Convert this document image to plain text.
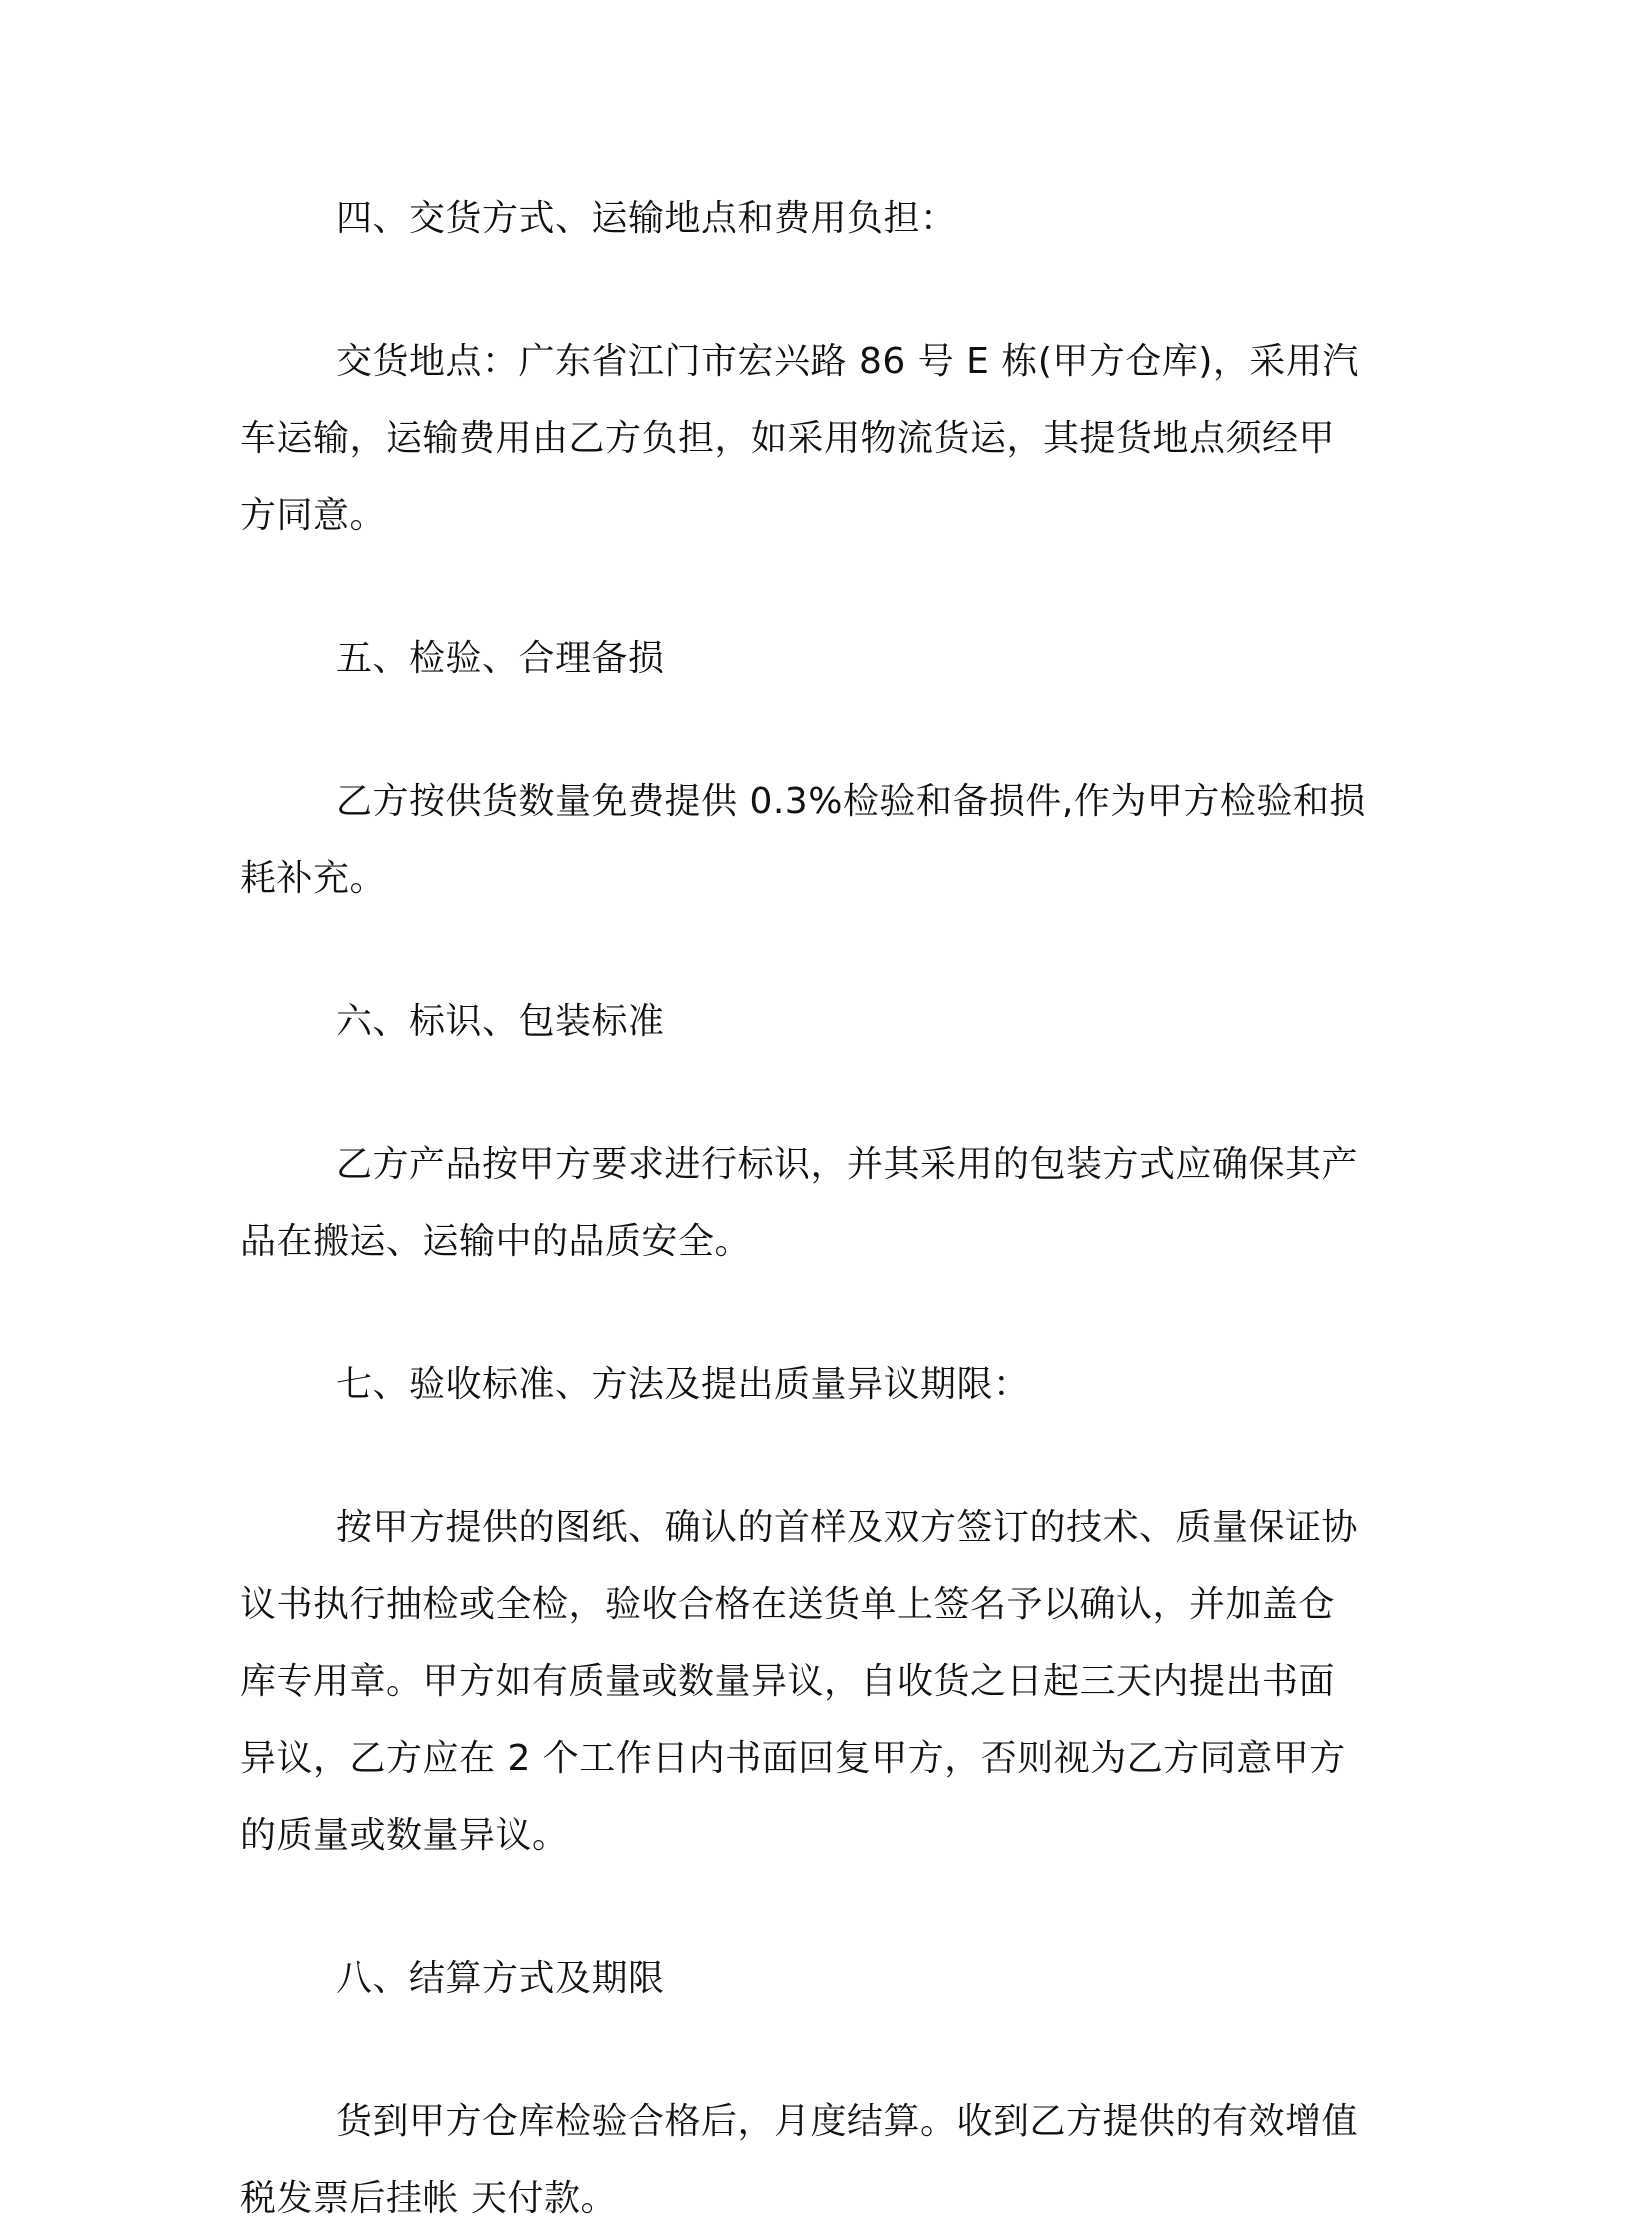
四、交货方式、运输地点和费用负担：
交货地点：广东省江门市宏兴路 86 号 E 栋(甲方仓库)，采用汽
车运输，运输费用由乙方负担，如采用物流货运，其提货地点须经甲
方同意。
五、检验、合理备损
乙方按供货数量免费提供 0.3%检验和备损件,作为甲方检验和损
耗补充。
六、标识、包装标准
乙方产品按甲方要求进行标识，并其采用的包装方式应确保其产
品在搬运、运输中的品质安全。
七、验收标准、方法及提出质量异议期限：
按甲方提供的图纸、确认的首样及双方签订的技术、质量保证协
议书执行抽检或全检，验收合格在送货单上签名予以确认，并加盖仓
库专用章。甲方如有质量或数量异议，自收货之日起三天内提出书面
异议，乙方应在 2 个工作日内书面回复甲方，否则视为乙方同意甲方
的质量或数量异议。
八、结算方式及期限
货到甲方仓库检验合格后，月度结算。收到乙方提供的有效增值
税发票后挂帐 天付款。
